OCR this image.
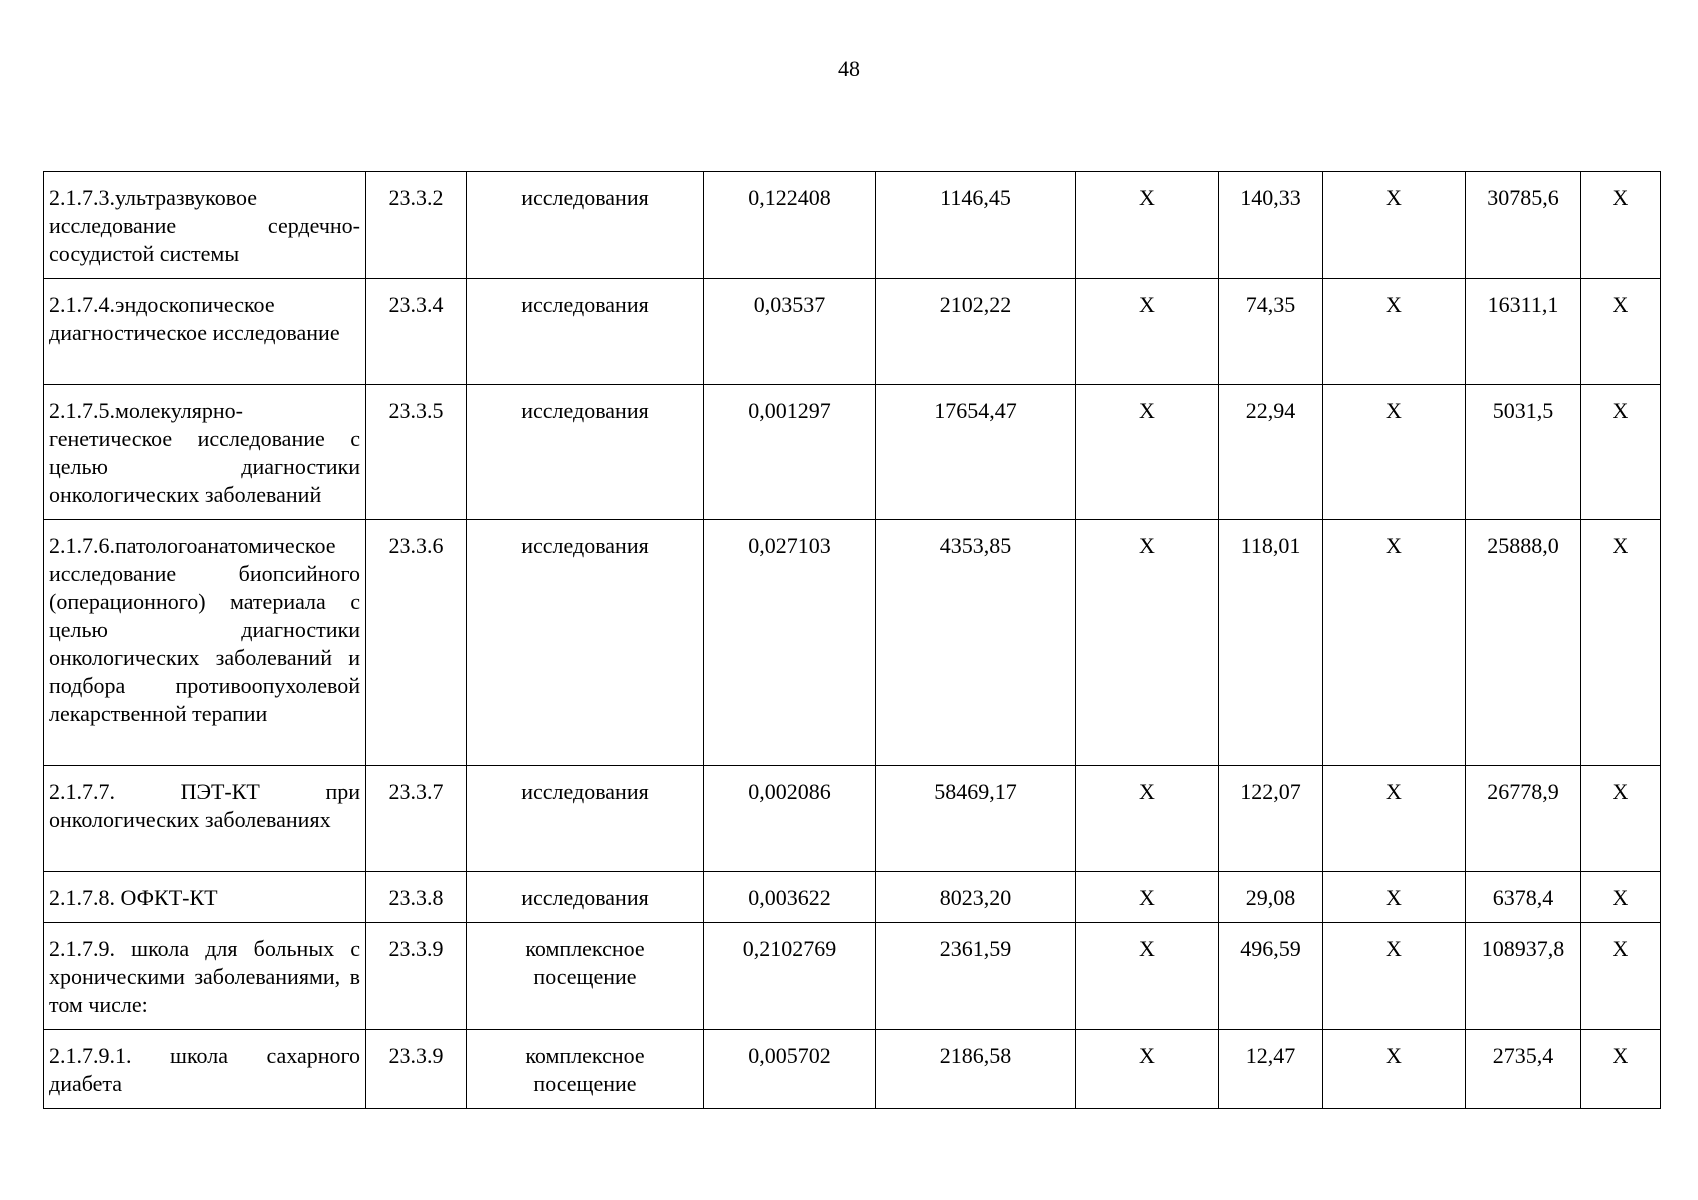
48
2.1.7.3.ультразвуковое исследование сердечно-сосудистой системы	23.3.2	исследования	0,122408	1146,45	Х	140,33	Х	30785,6	Х
2.1.7.4.эндоскопическое диагностическое исследование	23.3.4	исследования	0,03537	2102,22	Х	74,35	Х	16311,1	Х
2.1.7.5.молекулярно-генетическое исследование с целью диагностики онкологических заболеваний	23.3.5	исследования	0,001297	17654,47	Х	22,94	Х	5031,5	Х
2.1.7.6.патологоанатомическое исследование биопсийного (операционного) материала с целью диагностики онкологических заболеваний и подбора противоопухолевой лекарственной терапии	23.3.6	исследования	0,027103	4353,85	Х	118,01	Х	25888,0	Х
2.1.7.7. ПЭТ-КТ при онкологических заболеваниях	23.3.7	исследования	0,002086	58469,17	Х	122,07	Х	26778,9	Х
2.1.7.8. ОФКТ-КТ	23.3.8	исследования	0,003622	8023,20	Х	29,08	Х	6378,4	Х
2.1.7.9. школа для больных с хроническими заболеваниями, в том числе:	23.3.9	комплексное посещение	0,2102769	2361,59	Х	496,59	Х	108937,8	Х
2.1.7.9.1. школа сахарного диабета	23.3.9	комплексное посещение	0,005702	2186,58	Х	12,47	Х	2735,4	Х
